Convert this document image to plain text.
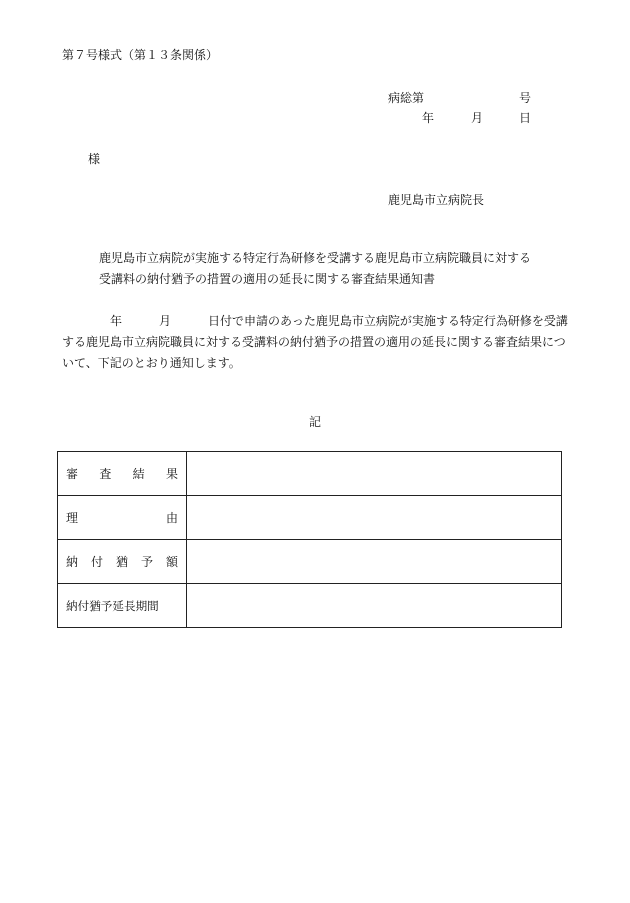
第７号様式（第１３条関係）
病総第	号
年	月	日
様
鹿児島市立病院長
鹿児島市立病院が実施する特定行為研修を受講する鹿児島市立病院職員に対する
受講料の納付猶予の措置の適用の延長に関する審査結果通知書
年	月	日付で申請のあった鹿児島市立病院が実施する特定行為研修を受講
する鹿児島市立病院職員に対する受講料の納付猶予の措置の適用の延長に関する審査結果につ
いて、下記のとおり通知します。
記
審査結果	

理由	

納付猶予額	

納付猶予延長期間	
